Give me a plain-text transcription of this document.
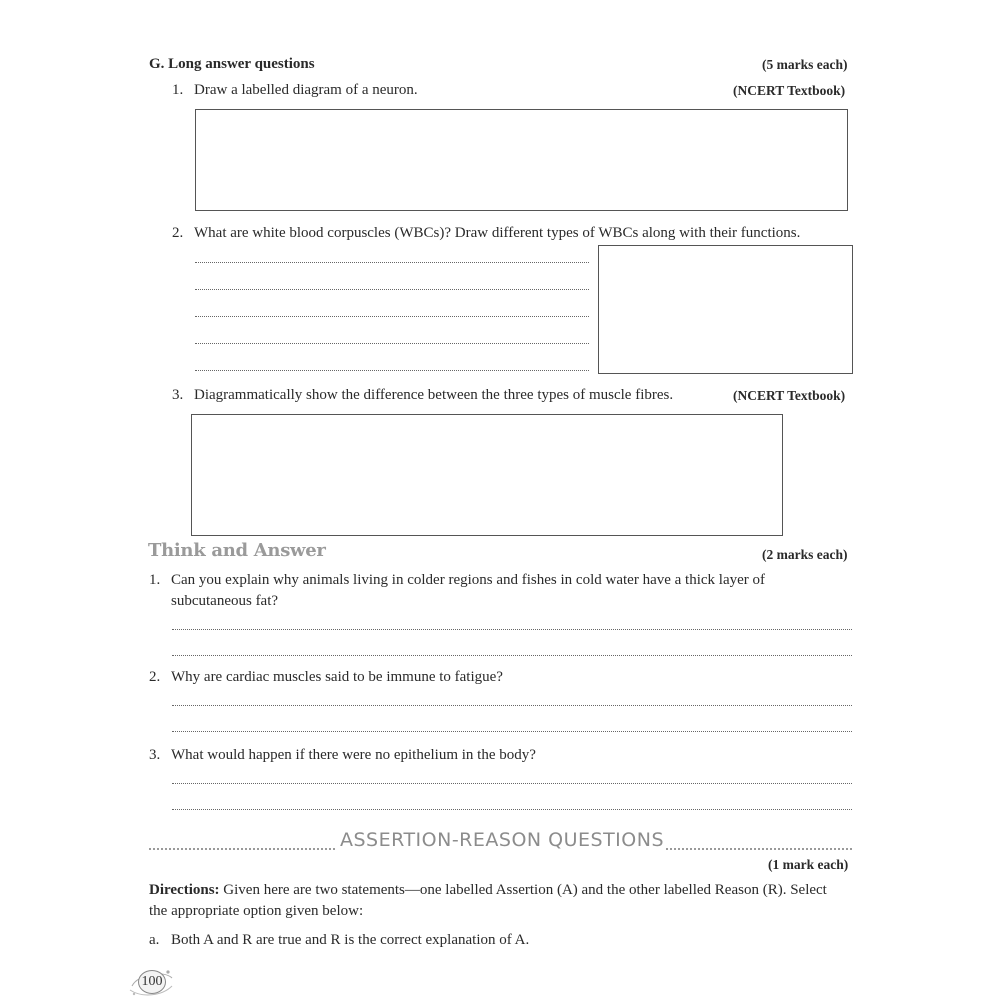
G. Long answer questions	(5 marks each)
1. Draw a labelled diagram of a neuron.	(NCERT Textbook)
2. What are white blood corpuscles (WBCs)? Draw different types of WBCs along with their functions.
3. Diagrammatically show the difference between the three types of muscle fibres.	(NCERT Textbook)
Think and Answer	(2 marks each)
1. Can you explain why animals living in colder regions and fishes in cold water have a thick layer of
subcutaneous fat?
2. Why are cardiac muscles said to be immune to fatigue?
3. What would happen if there were no epithelium in the body?
ASSERTION-REASON QUESTIONS
(1 mark each)
Directions: Given here are two statements—one labelled Assertion (A) and the other labelled Reason (R). Select
the appropriate option given below:
a. Both A and R are true and R is the correct explanation of A.
100
